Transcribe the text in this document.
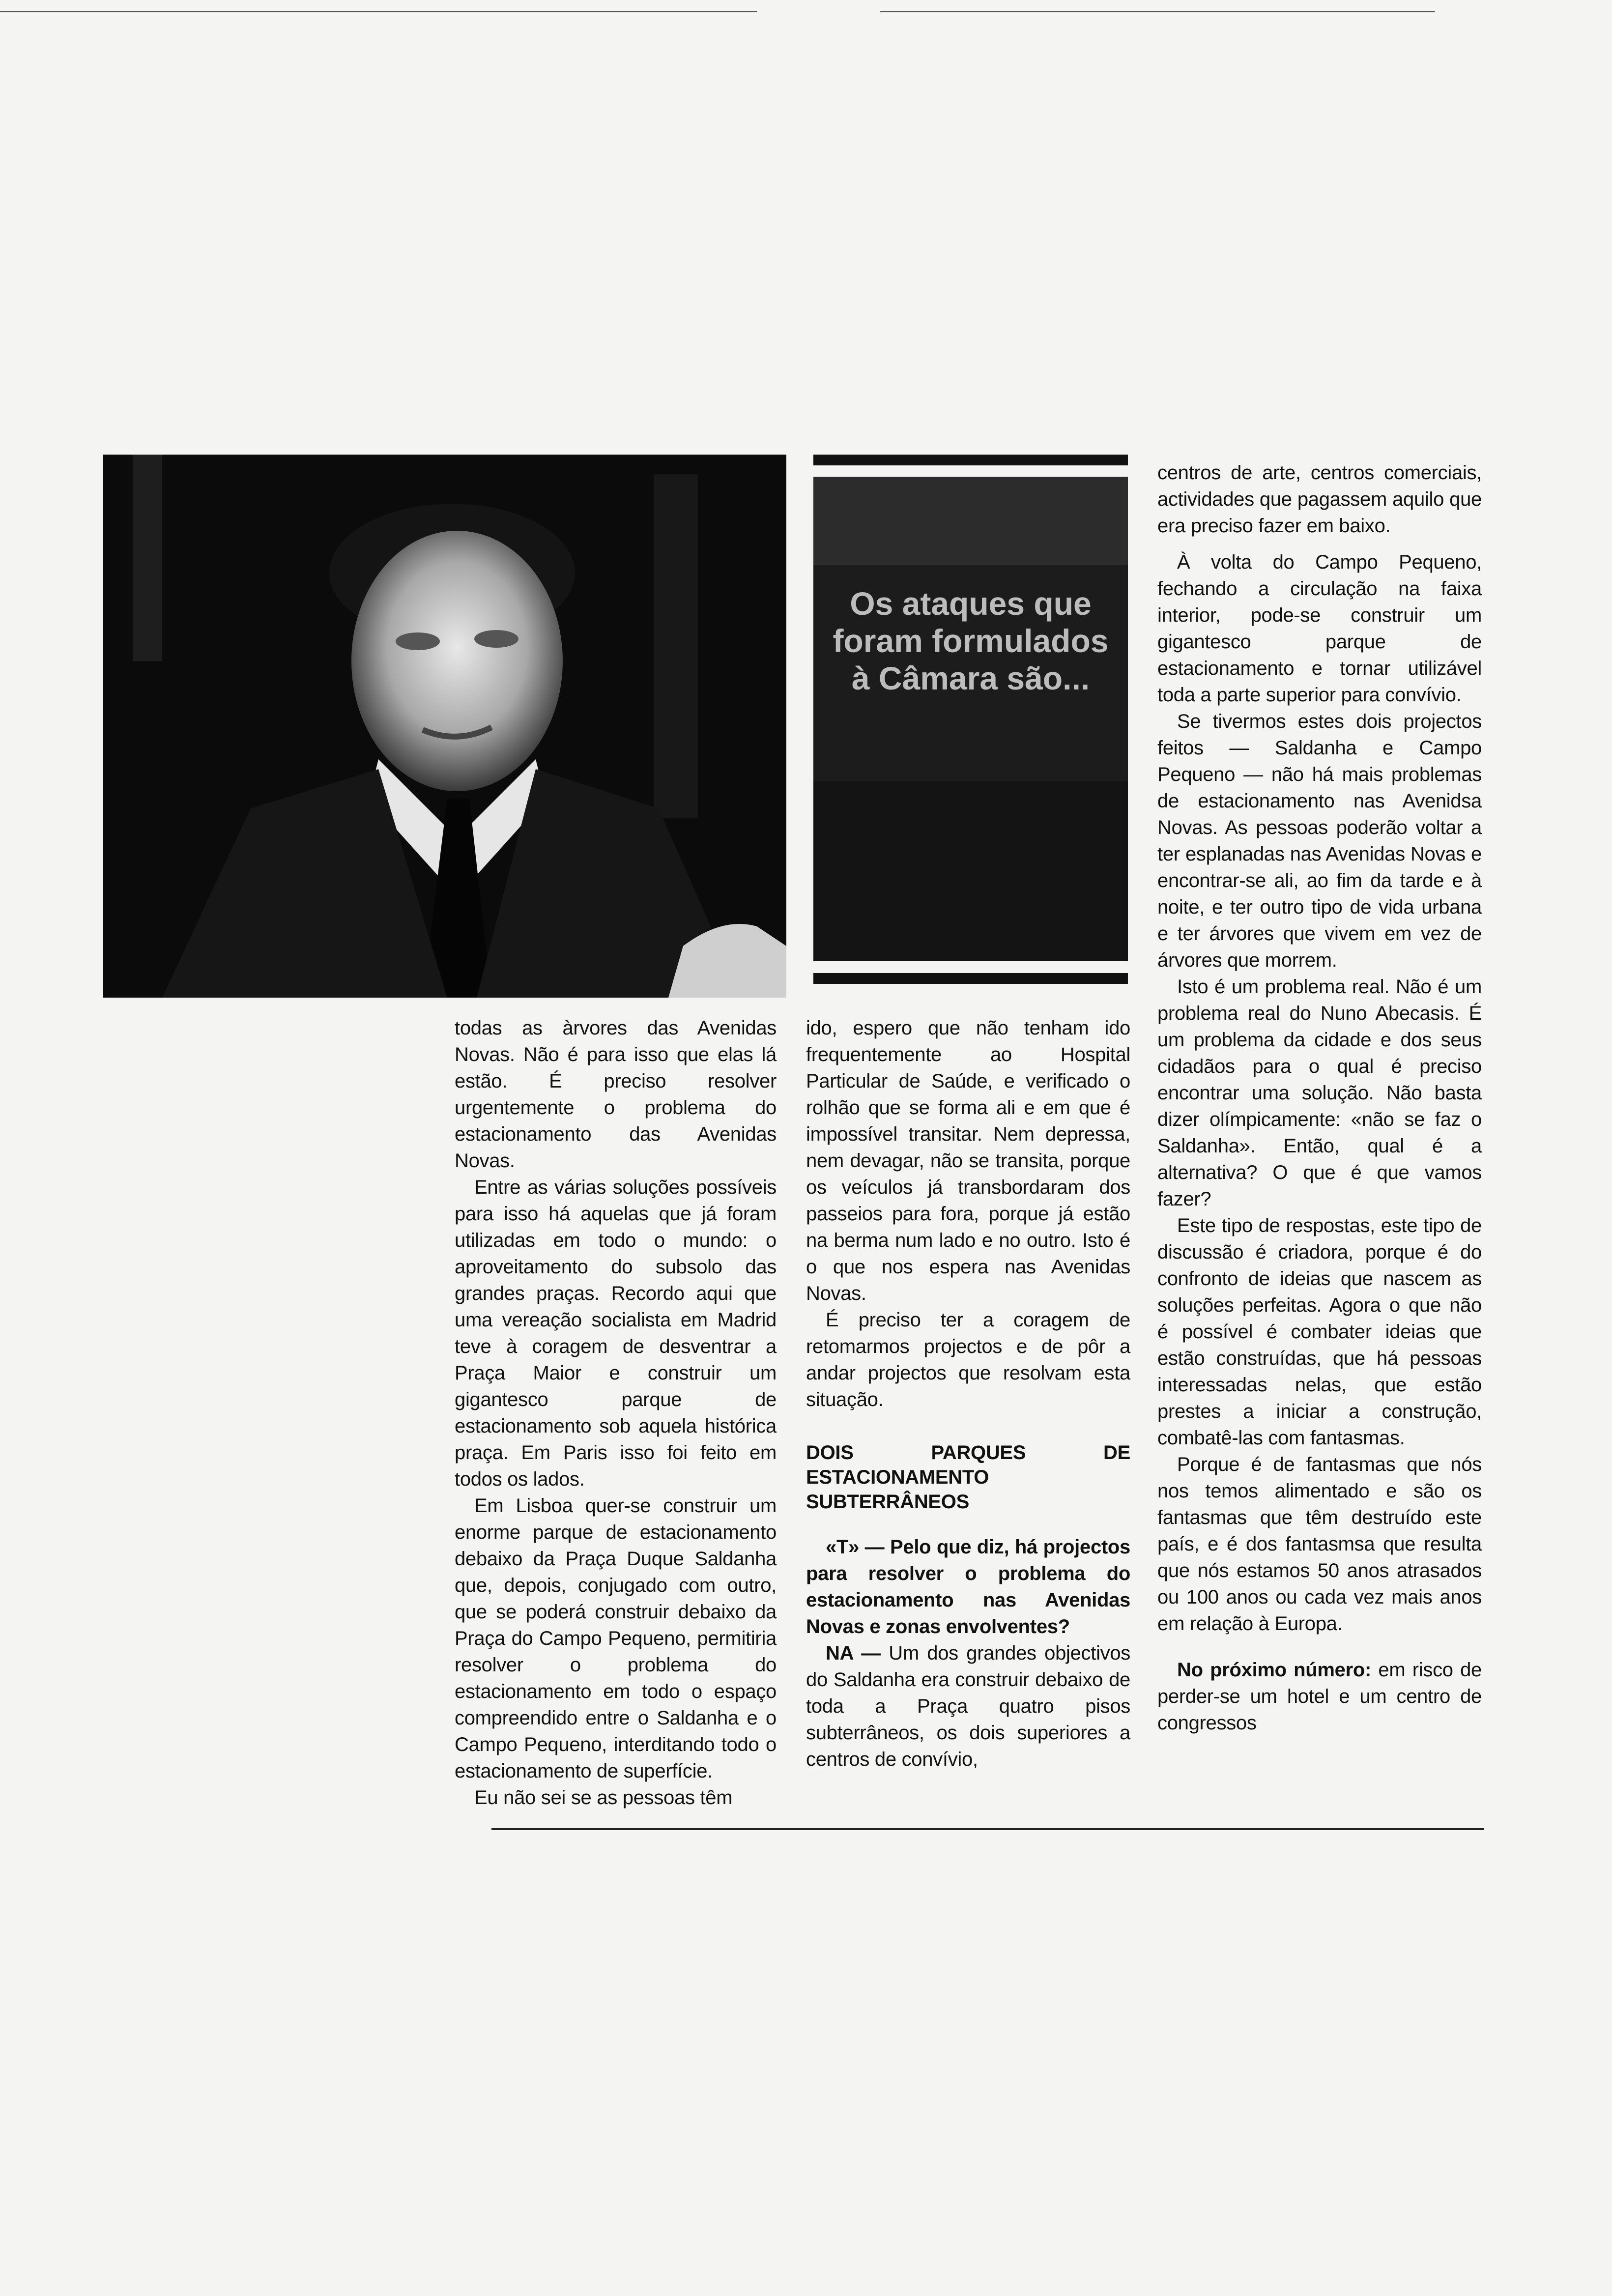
Os ataques que foram formulados à Câmara são...

todas as àrvores das Avenidas Novas. Não é para isso que elas lá estão. É preciso resolver urgentemente o problema do estacionamento das Avenidas Novas.

Entre as várias soluções possíveis para isso há aquelas que já foram utilizadas em todo o mundo: o aproveitamento do subsolo das grandes praças. Recordo aqui que uma vereação socialista em Madrid teve à coragem de desventrar a Praça Maior e construir um gigantesco parque de estacionamento sob aquela histórica praça. Em Paris isso foi feito em todos os lados.

Em Lisboa quer-se construir um enorme parque de estacionamento debaixo da Praça Duque Saldanha que, depois, conjugado com outro, que se poderá construir debaixo da Praça do Campo Pequeno, permitiria resolver o problema do estacionamento em todo o espaço compreendido entre o Saldanha e o Campo Pequeno, interditando todo o estacionamento de superfície.

Eu não sei se as pessoas têm

ido, espero que não tenham ido frequentemente ao Hospital Particular de Saúde, e verificado o rolhão que se forma ali e em que é impossível transitar. Nem depressa, nem devagar, não se transita, porque os veículos já transbordaram dos passeios para fora, porque já estão na berma num lado e no outro. Isto é o que nos espera nas Avenidas Novas.

É preciso ter a coragem de retomarmos projectos e de pôr a andar projectos que resolvam esta situação.

DOIS PARQUES DE ESTACIONAMENTO SUBTERRÂNEOS

«T» — Pelo que diz, há projectos para resolver o problema do estacionamento nas Avenidas Novas e zonas envolventes?

NA — Um dos grandes objectivos do Saldanha era construir debaixo de toda a Praça quatro pisos subterrâneos, os dois superiores a centros de convívio,

centros de arte, centros comerciais, actividades que pagassem aquilo que era preciso fazer em baixo.

À volta do Campo Pequeno, fechando a circulação na faixa interior, pode-se construir um gigantesco parque de estacionamento e tornar utilizável toda a parte superior para convívio.

Se tivermos estes dois projectos feitos — Saldanha e Campo Pequeno — não há mais problemas de estacionamento nas Avenidsa Novas. As pessoas poderão voltar a ter esplanadas nas Avenidas Novas e encontrar-se ali, ao fim da tarde e à noite, e ter outro tipo de vida urbana e ter árvores que vivem em vez de árvores que morrem.

Isto é um problema real. Não é um problema real do Nuno Abecasis. É um problema da cidade e dos seus cidadãos para o qual é preciso encontrar uma solução. Não basta dizer olímpicamente: «não se faz o Saldanha». Então, qual é a alternativa? O que é que vamos fazer?

Este tipo de respostas, este tipo de discussão é criadora, porque é do confronto de ideias que nascem as soluções perfeitas. Agora o que não é possível é combater ideias que estão construídas, que há pessoas interessadas nelas, que estão prestes a iniciar a construção, combatê-las com fantasmas.

Porque é de fantasmas que nós nos temos alimentado e são os fantasmas que têm destruído este país, e é dos fantasmsa que resulta que nós estamos 50 anos atrasados ou 100 anos ou cada vez mais anos em relação à Europa.

No próximo número: em risco de perder-se um hotel e um centro de congressos
